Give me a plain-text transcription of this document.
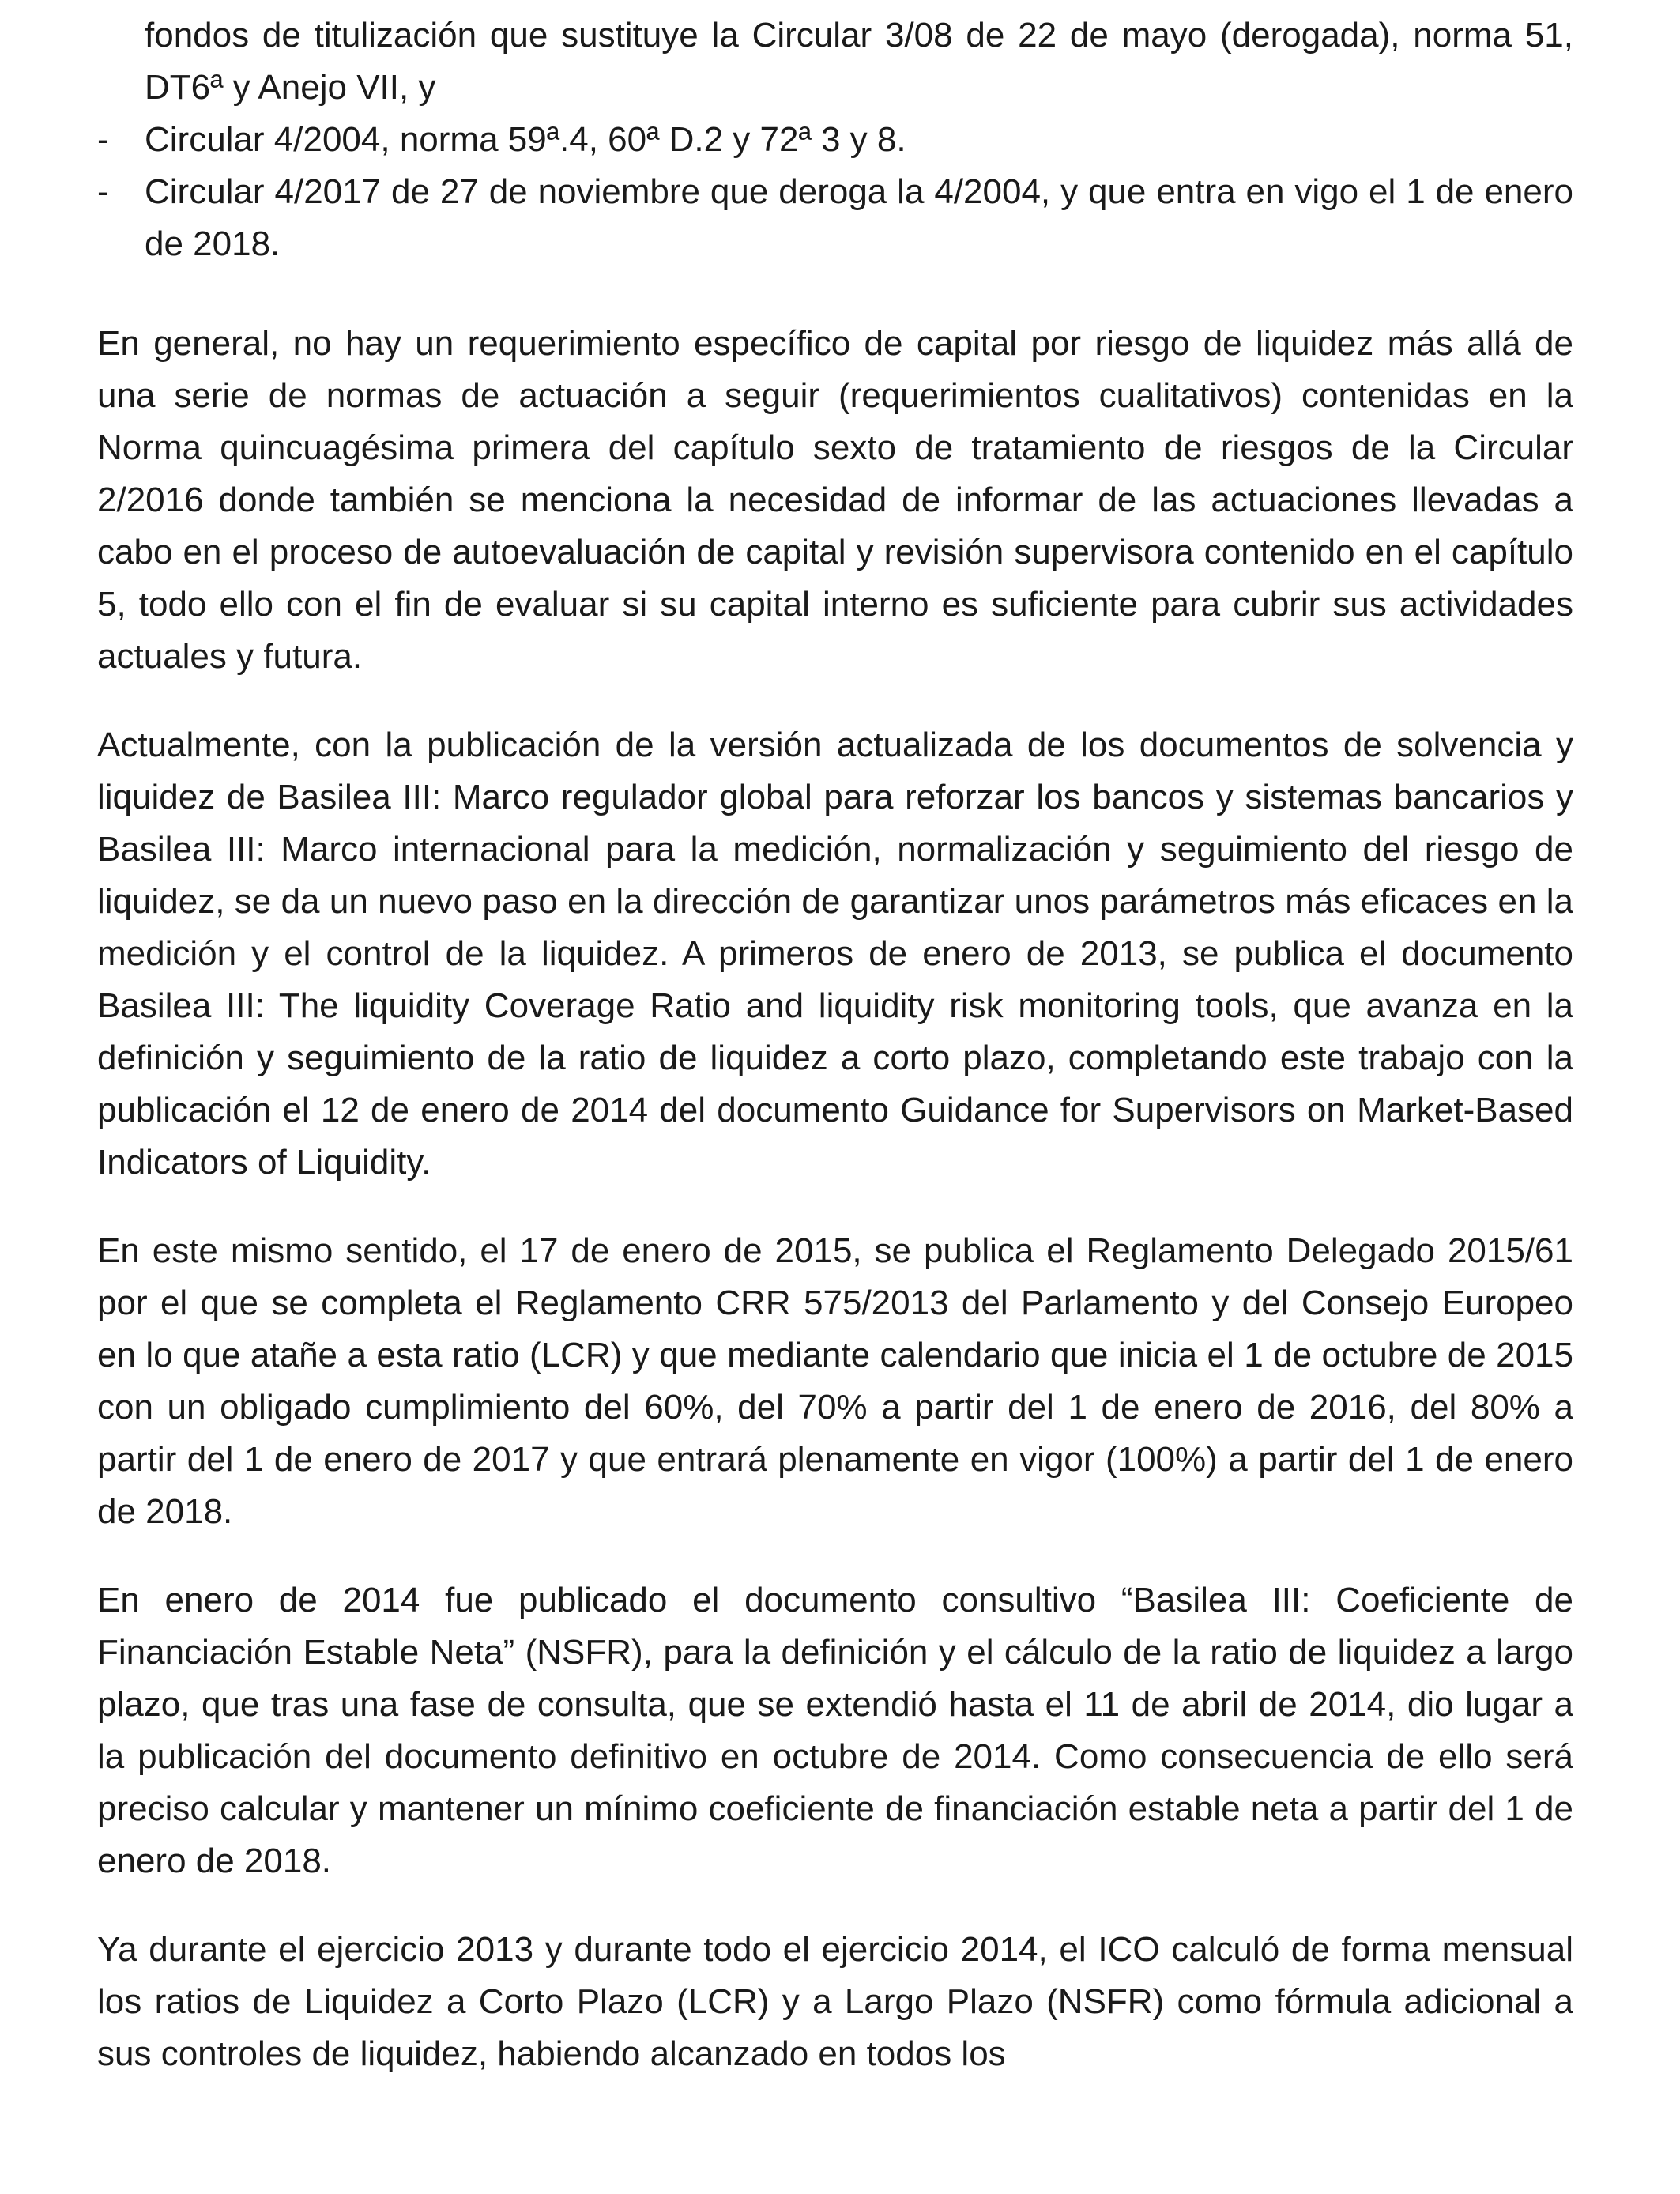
fondos de titulización que sustituye la Circular 3/08 de 22 de mayo (derogada), norma 51, DT6ª y Anejo VII, y
- Circular 4/2004, norma 59ª.4, 60ª D.2 y 72ª 3 y 8.
- Circular 4/2017 de 27 de noviembre que deroga la 4/2004, y que entra en vigo el 1 de enero de 2018.

En general, no hay un requerimiento específico de capital por riesgo de liquidez más allá de una serie de normas de actuación a seguir (requerimientos cualitativos) contenidas en la Norma quincuagésima primera del capítulo sexto de tratamiento de riesgos de la Circular 2/2016 donde también se menciona la necesidad de informar de las actuaciones llevadas a cabo en el proceso de autoevaluación de capital y revisión supervisora contenido en el capítulo 5, todo ello con el fin de evaluar si su capital interno es suficiente para cubrir sus actividades actuales y futura.

Actualmente, con la publicación de la versión actualizada de los documentos de solvencia y liquidez de Basilea III: Marco regulador global para reforzar los bancos y sistemas bancarios y Basilea III: Marco internacional para la medición, normalización y seguimiento del riesgo de liquidez, se da un nuevo paso en la dirección de garantizar unos parámetros más eficaces en la medición y el control de la liquidez. A primeros de enero de 2013, se publica el documento Basilea III: The liquidity Coverage Ratio and liquidity risk monitoring tools, que avanza en la definición y seguimiento de la ratio de liquidez a corto plazo, completando este trabajo con la publicación el 12 de enero de 2014 del documento Guidance for Supervisors on Market-Based Indicators of Liquidity.

En este mismo sentido, el 17 de enero de 2015, se publica el Reglamento Delegado 2015/61 por el que se completa el Reglamento CRR 575/2013 del Parlamento y del Consejo Europeo en lo que atañe a esta ratio (LCR) y que mediante calendario que inicia el 1 de octubre de 2015 con un obligado cumplimiento del 60%, del 70% a partir del 1 de enero de 2016, del 80% a partir del 1 de enero de 2017 y que entrará plenamente en vigor (100%) a partir del 1 de enero de 2018.

En enero de 2014 fue publicado el documento consultivo “Basilea III: Coeficiente de Financiación Estable Neta” (NSFR), para la definición y el cálculo de la ratio de liquidez a largo plazo, que tras una fase de consulta, que se extendió hasta el 11 de abril de 2014, dio lugar a la publicación del documento definitivo en octubre de 2014. Como consecuencia de ello será preciso calcular y mantener un mínimo coeficiente de financiación estable neta a partir del 1 de enero de 2018.

Ya durante el ejercicio 2013 y durante todo el ejercicio 2014, el ICO calculó de forma mensual los ratios de Liquidez a Corto Plazo (LCR) y a Largo Plazo (NSFR) como fórmula adicional a sus controles de liquidez, habiendo alcanzado en todos los
